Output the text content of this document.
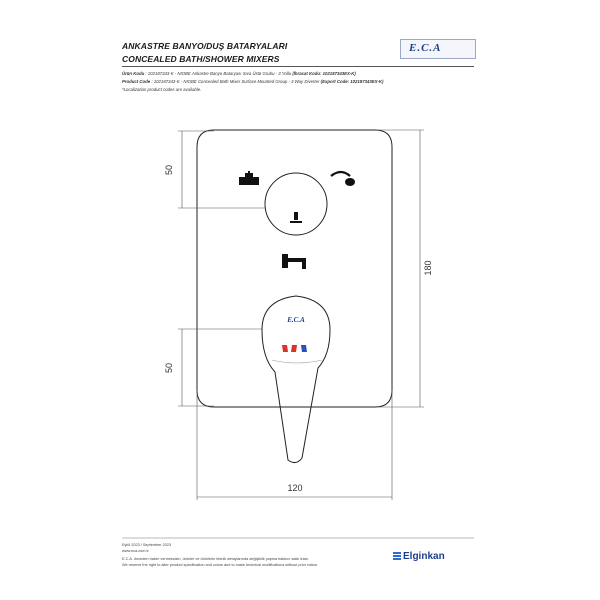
ANKASTRE BANYO/DUŞ BATARYALARI
CONCEALED BATH/SHOWER MIXERS
E.C.A
Ürün Kodu : 102187343-K - NIOBE Ankastre Banyo Bataryası Sıva Üstü Grubu - 3 Yollu (İhracat Kodu: 102187343EX-K)
Product Code : 102187343-K - NIOBE Concealed Bath Mixer Surface Mounted Group - 3 Way Diverter (Export Code: 102187343EX-K)
*Localization product codes are available.
E.C.A
50
50
180
120
Eylül 2023 / September 2023
www.eca.com.tr
E.C.A. önceden haber vermeksizin, ürünler ve ürünlerin teknik detaylarında değişiklik yapma hakkını saklı tutar.
We reserve the right to alter product specification and colors and to make technical modifications without prior notice.
Elginkan
